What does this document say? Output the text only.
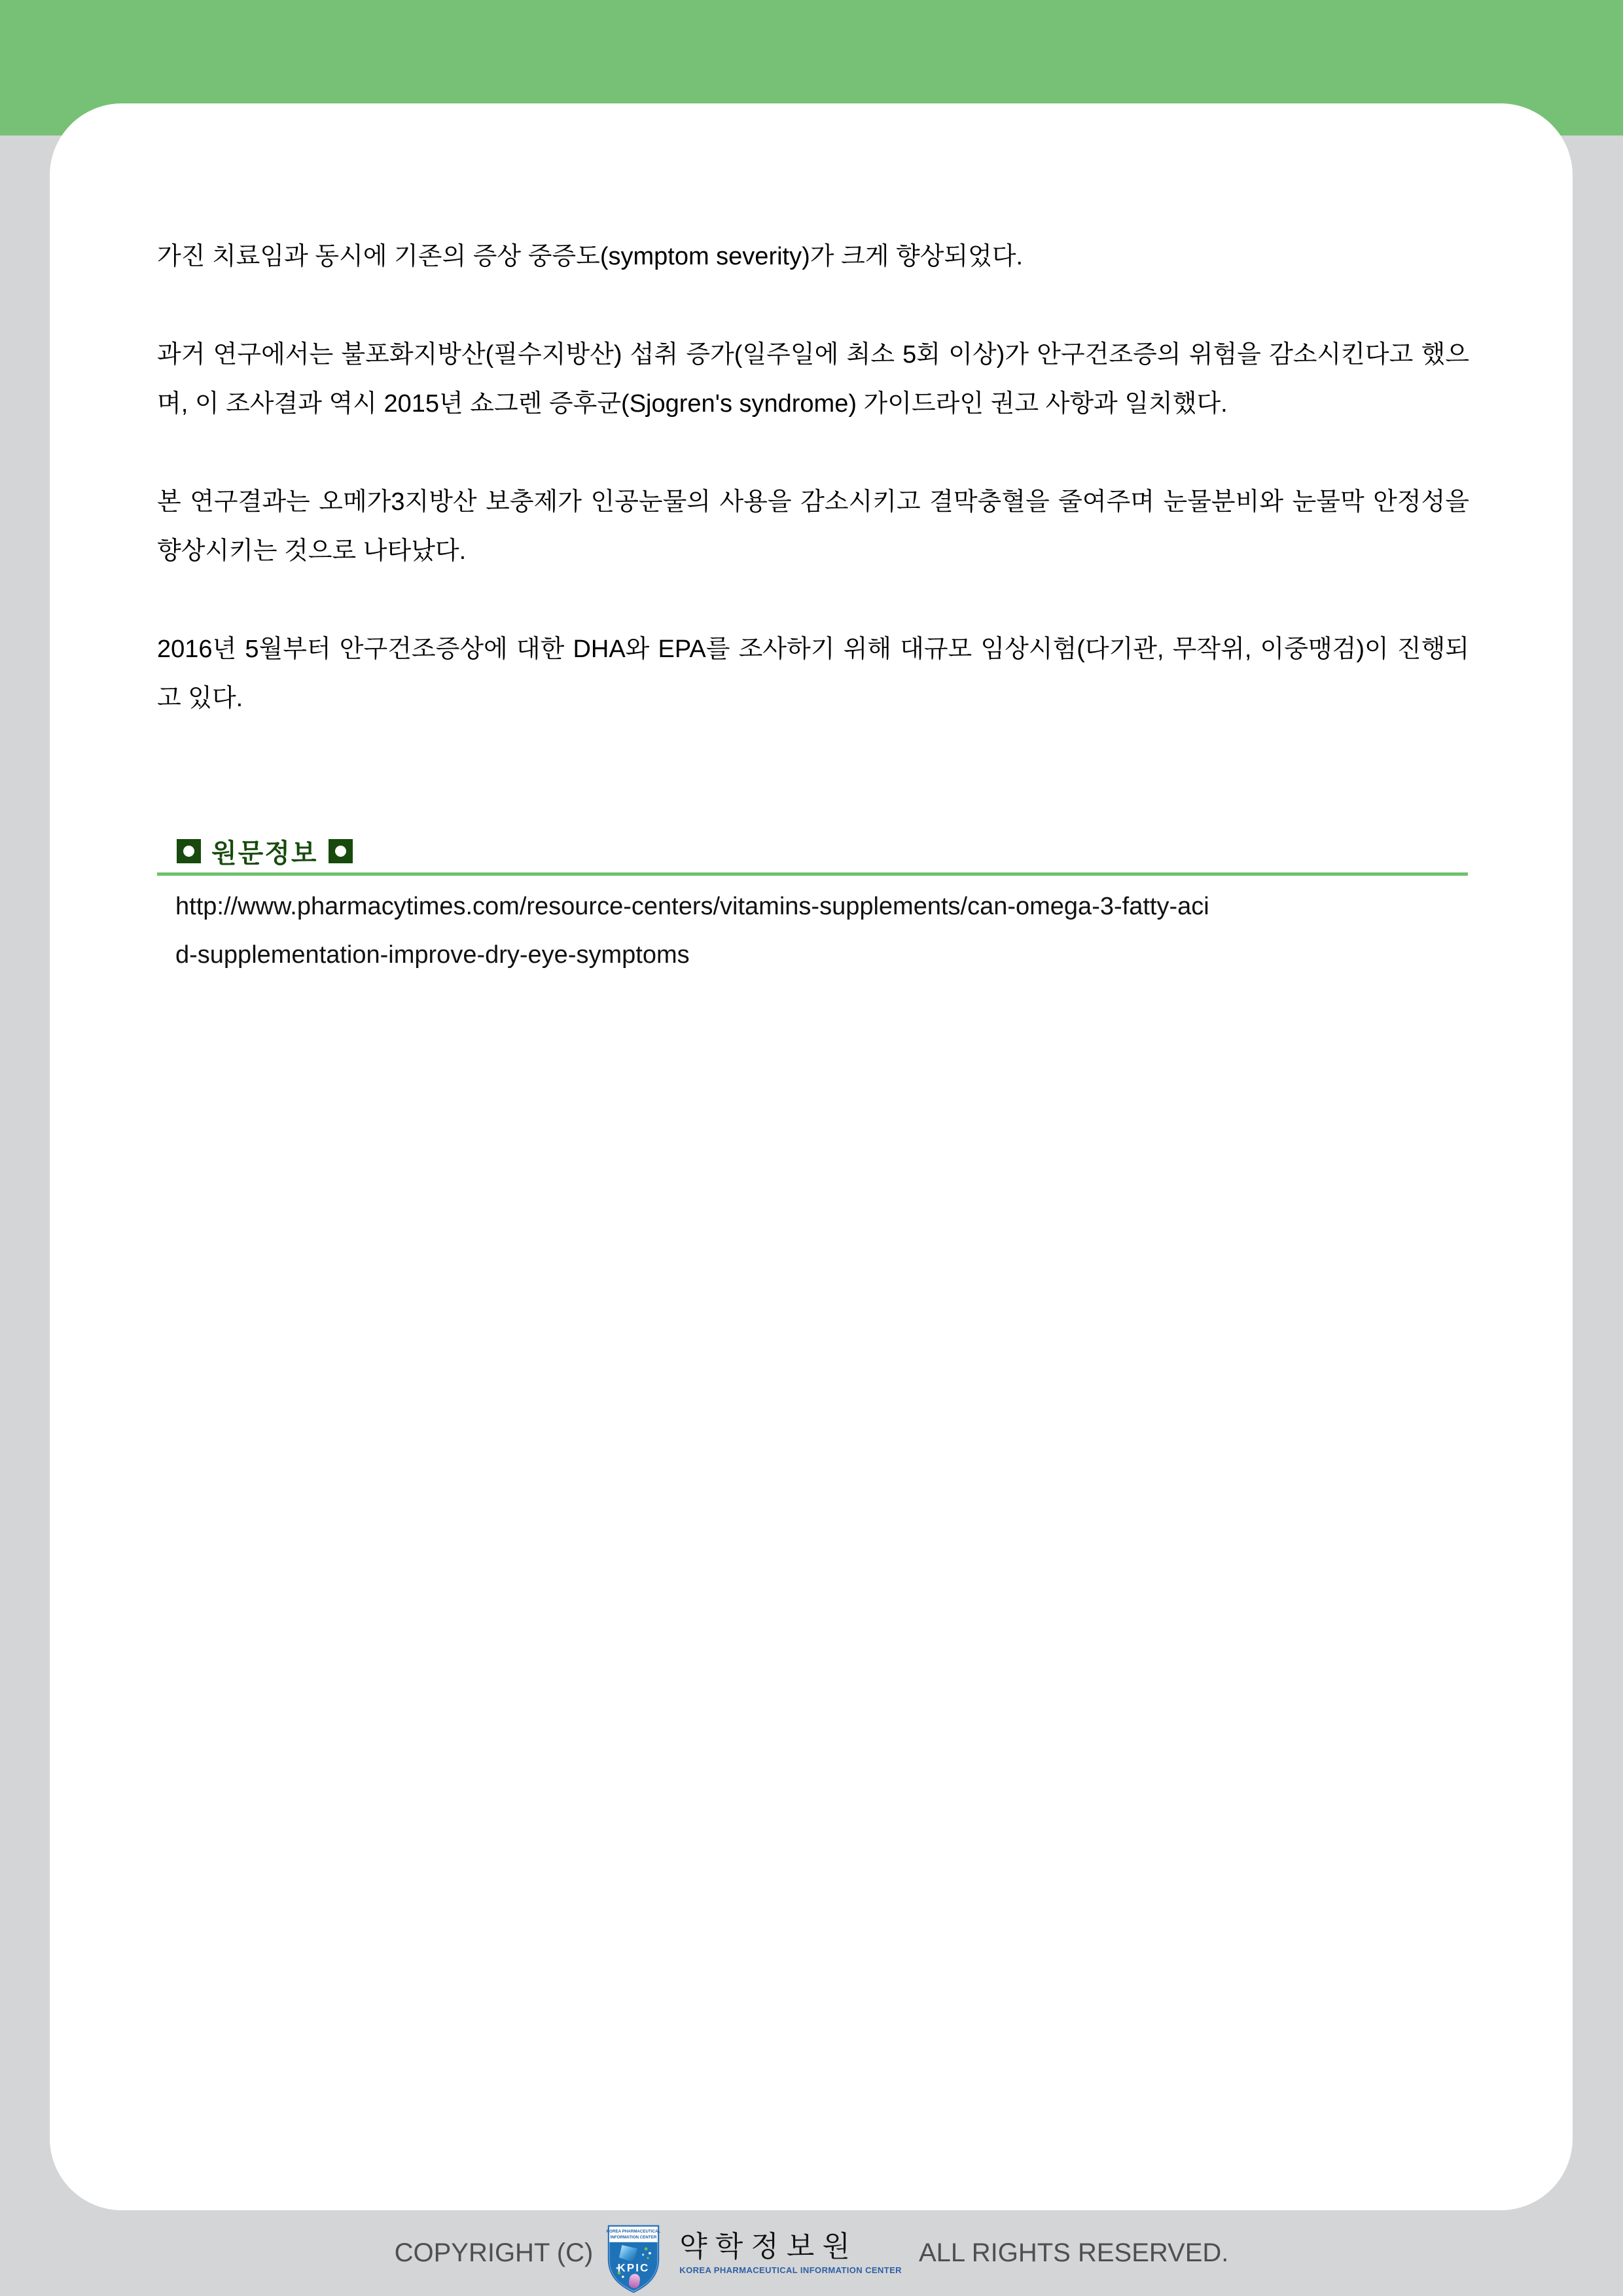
가진 치료임과 동시에 기존의 증상 중증도(symptom severity)가 크게 향상되었다.

과거 연구에서는 불포화지방산(필수지방산) 섭취 증가(일주일에 최소 5회 이상)가 안구건조증의 위험을 감소시킨다고 했으며, 이 조사결과 역시 2015년 쇼그렌 증후군(Sjogren's syndrome) 가이드라인 권고 사항과 일치했다.

본 연구결과는 오메가3지방산 보충제가 인공눈물의 사용을 감소시키고 결막충혈을 줄여주며 눈물분비와 눈물막 안정성을 향상시키는 것으로 나타났다.

2016년 5월부터 안구건조증상에 대한 DHA와 EPA를 조사하기 위해 대규모 임상시험(다기관, 무작위, 이중맹검)이 진행되고 있다.

원문정보
http://www.pharmacytimes.com/resource-centers/vitamins-supplements/can-omega-3-fatty-aci
d-supplementation-improve-dry-eye-symptoms
COPYRIGHT (C)
KOREA PHARMACEUTICAL
INFORMATION CENTER
KPIC
약학정보원
KOREA PHARMACEUTICAL INFORMATION CENTER
ALL RIGHTS RESERVED.
